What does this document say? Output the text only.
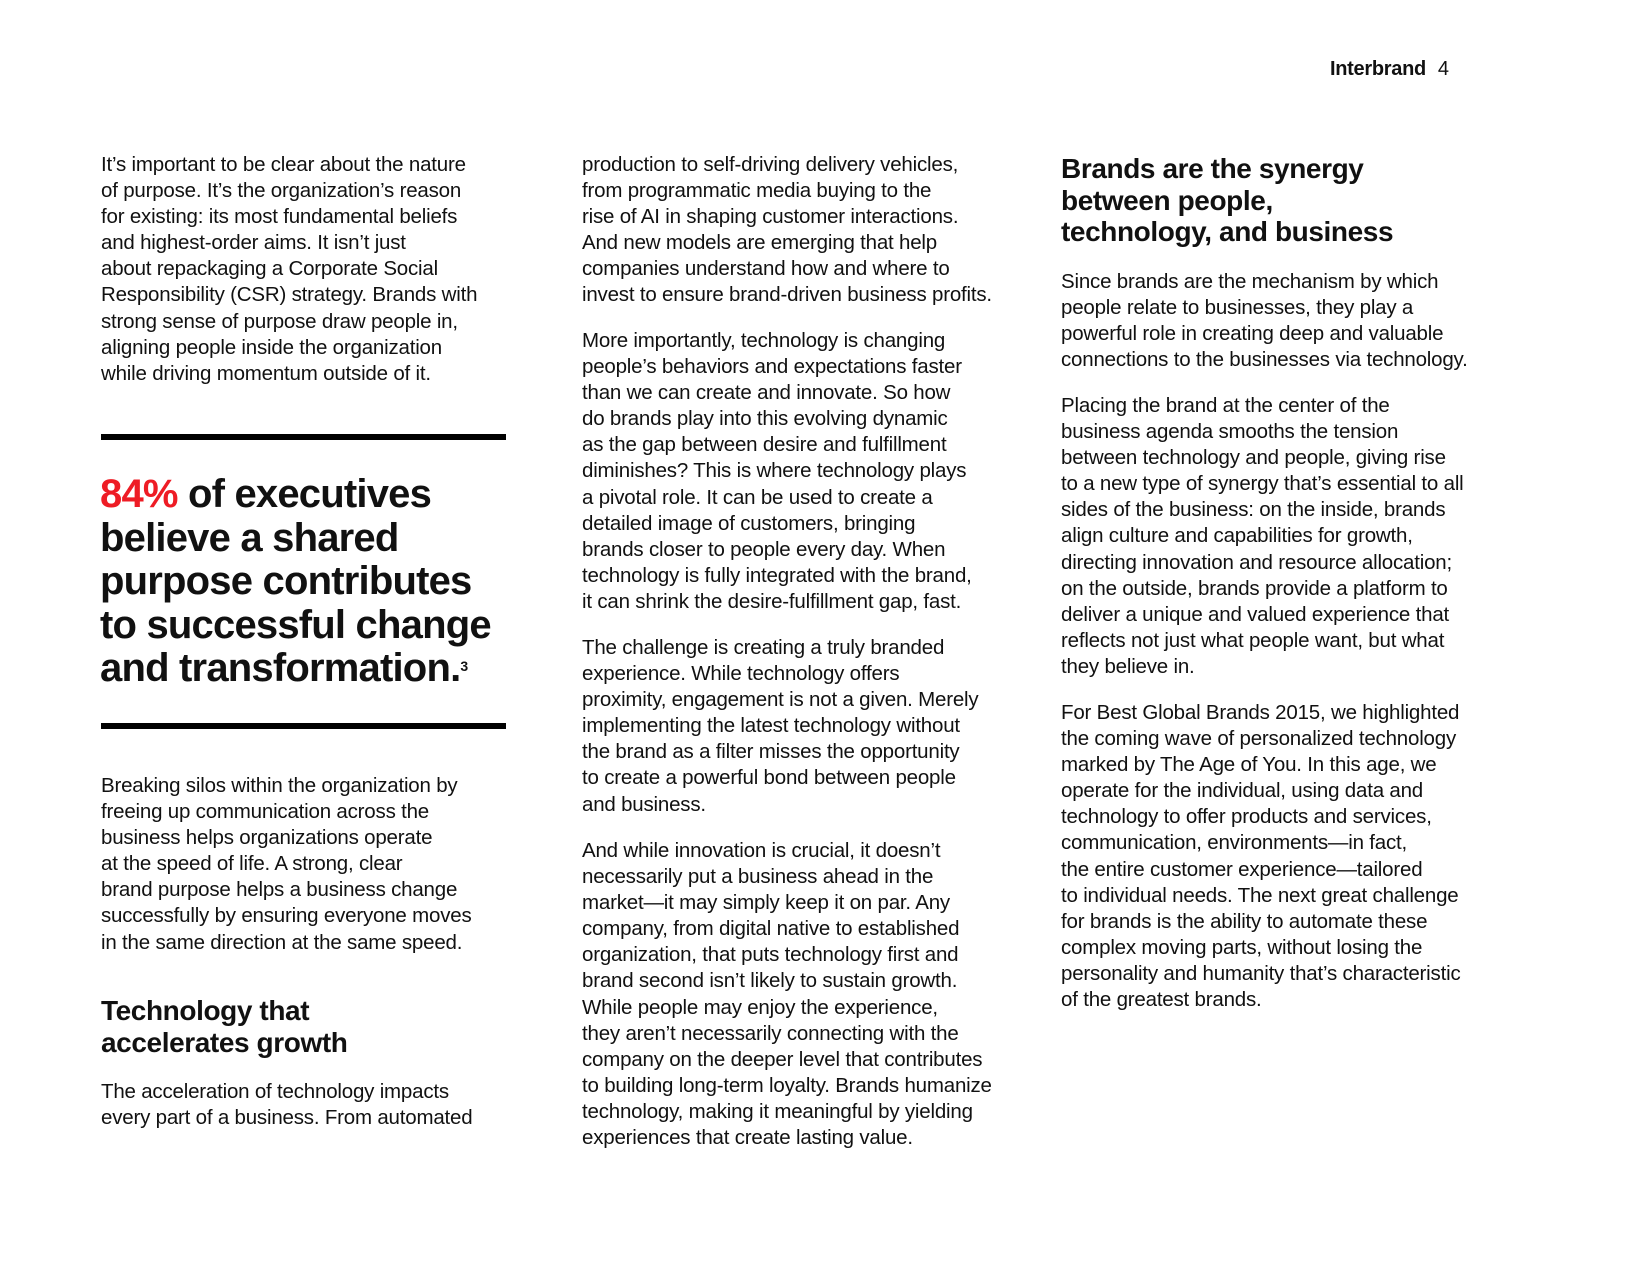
Interbrand 4
It’s important to be clear about the nature
of purpose. It’s the organization’s reason
for existing: its most fundamental beliefs
and highest-order aims. It isn’t just
about repackaging a Corporate Social
Responsibility (CSR) strategy. Brands with
strong sense of purpose draw people in,
aligning people inside the organization
while driving momentum outside of it.
84% of executives
believe a shared
purpose contributes
to successful change
and transformation.$^3$
Breaking silos within the organization by
freeing up communication across the
business helps organizations operate
at the speed of life. A strong, clear
brand purpose helps a business change
successfully by ensuring everyone moves
in the same direction at the same speed.
Technology that
accelerates growth
The acceleration of technology impacts
every part of a business. From automated
production to self-driving delivery vehicles,
from programmatic media buying to the
rise of AI in shaping customer interactions.
And new models are emerging that help
companies understand how and where to
invest to ensure brand-driven business profits.
More importantly, technology is changing
people’s behaviors and expectations faster
than we can create and innovate. So how
do brands play into this evolving dynamic
as the gap between desire and fulfillment
diminishes? This is where technology plays
a pivotal role. It can be used to create a
detailed image of customers, bringing
brands closer to people every day. When
technology is fully integrated with the brand,
it can shrink the desire-fulfillment gap, fast.
The challenge is creating a truly branded
experience. While technology offers
proximity, engagement is not a given. Merely
implementing the latest technology without
the brand as a filter misses the opportunity
to create a powerful bond between people
and business.
And while innovation is crucial, it doesn’t
necessarily put a business ahead in the
market—it may simply keep it on par. Any
company, from digital native to established
organization, that puts technology first and
brand second isn’t likely to sustain growth.
While people may enjoy the experience,
they aren’t necessarily connecting with the
company on the deeper level that contributes
to building long-term loyalty. Brands humanize
technology, making it meaningful by yielding
experiences that create lasting value.
Brands are the synergy
between people,
technology, and business
Since brands are the mechanism by which
people relate to businesses, they play a
powerful role in creating deep and valuable
connections to the businesses via technology.
Placing the brand at the center of the
business agenda smooths the tension
between technology and people, giving rise
to a new type of synergy that’s essential to all
sides of the business: on the inside, brands
align culture and capabilities for growth,
directing innovation and resource allocation;
on the outside, brands provide a platform to
deliver a unique and valued experience that
reflects not just what people want, but what
they believe in.
For Best Global Brands 2015, we highlighted
the coming wave of personalized technology
marked by The Age of You. In this age, we
operate for the individual, using data and
technology to offer products and services,
communication, environments—in fact,
the entire customer experience—tailored
to individual needs. The next great challenge
for brands is the ability to automate these
complex moving parts, without losing the
personality and humanity that’s characteristic
of the greatest brands.
